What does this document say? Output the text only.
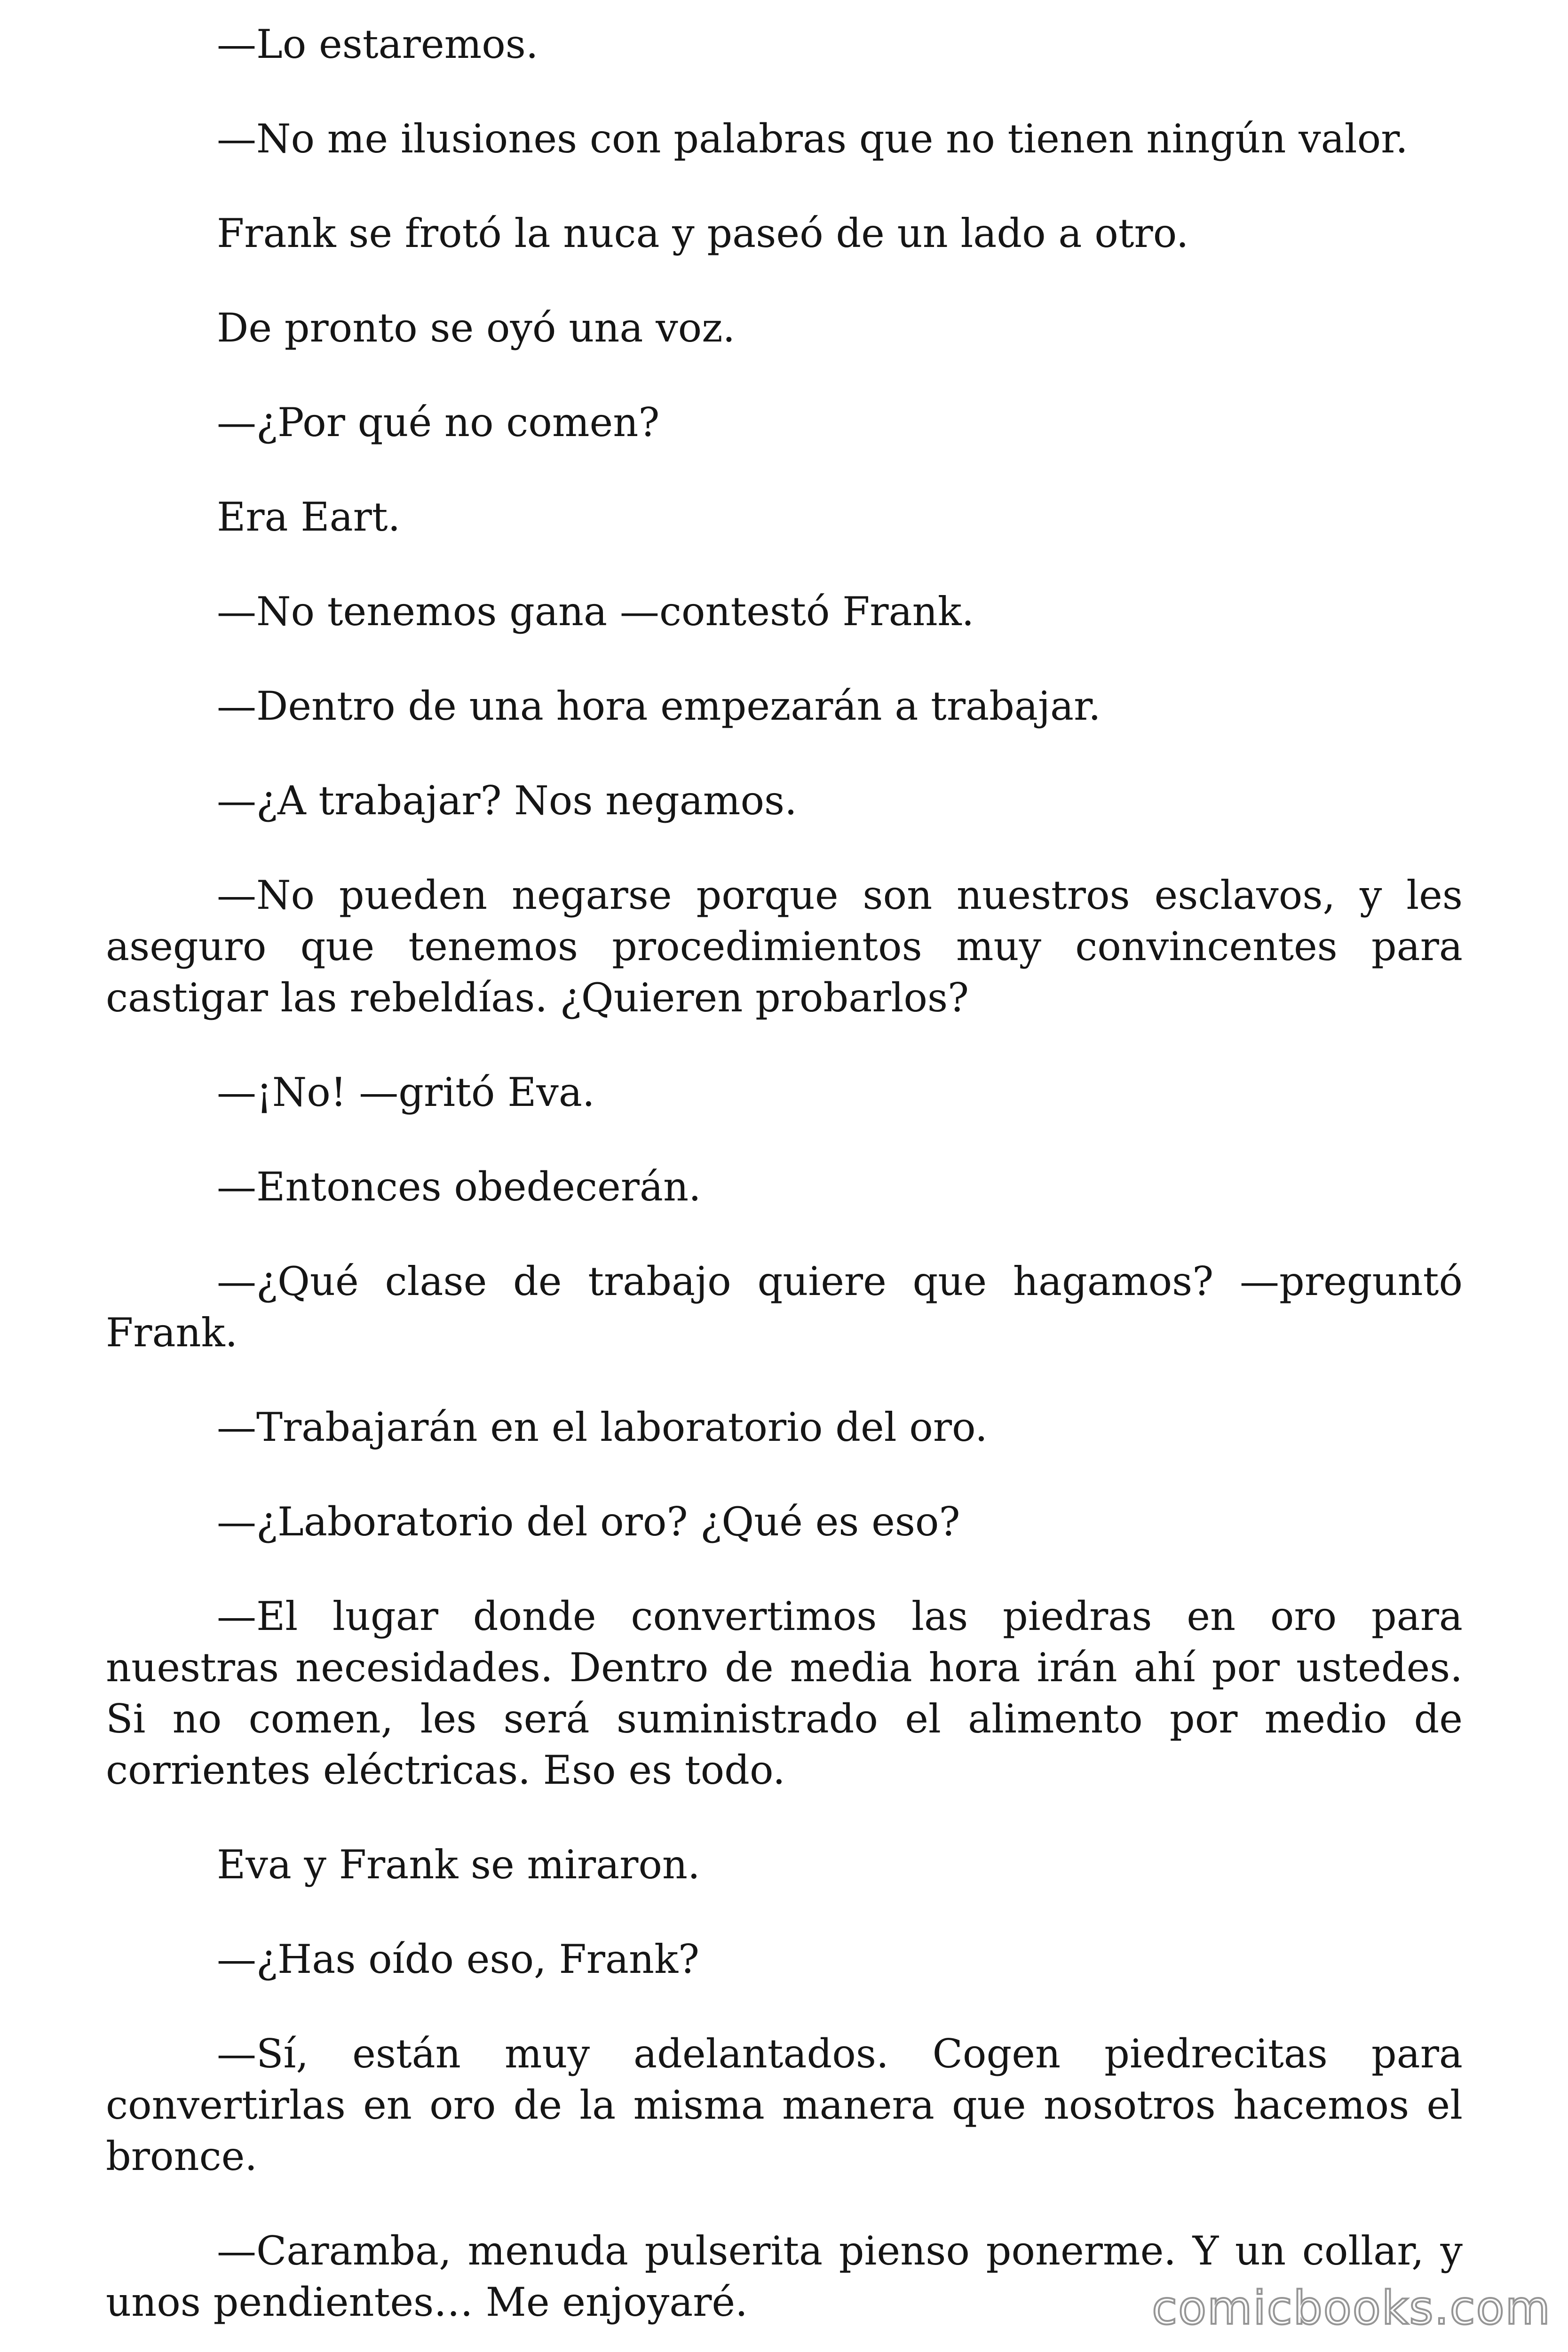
—Lo estaremos.

—No me ilusiones con palabras que no tienen ningún valor.

Frank se frotó la nuca y paseó de un lado a otro.

De pronto se oyó una voz.

—¿Por qué no comen?

Era Eart.

—No tenemos gana —contestó Frank.

—Dentro de una hora empezarán a trabajar.

—¿A trabajar? Nos negamos.

—No pueden negarse porque son nuestros esclavos, y les aseguro que tenemos procedimientos muy convincentes para castigar las rebeldías. ¿Quieren probarlos?

—¡No! —gritó Eva.

—Entonces obedecerán.

—¿Qué clase de trabajo quiere que hagamos? —preguntó Frank.

—Trabajarán en el laboratorio del oro.

—¿Laboratorio del oro? ¿Qué es eso?

—El lugar donde convertimos las piedras en oro para nuestras necesidades. Dentro de media hora irán ahí por ustedes. Si no comen, les será suministrado el alimento por medio de corrientes eléctricas. Eso es todo.

Eva y Frank se miraron.

—¿Has oído eso, Frank?

—Sí, están muy adelantados. Cogen piedrecitas para convertirlas en oro de la misma manera que nosotros hacemos el bronce.

—Caramba, menuda pulserita pienso ponerme. Y un collar, y unos pendientes… Me enjoyaré.	comicbooks.com
